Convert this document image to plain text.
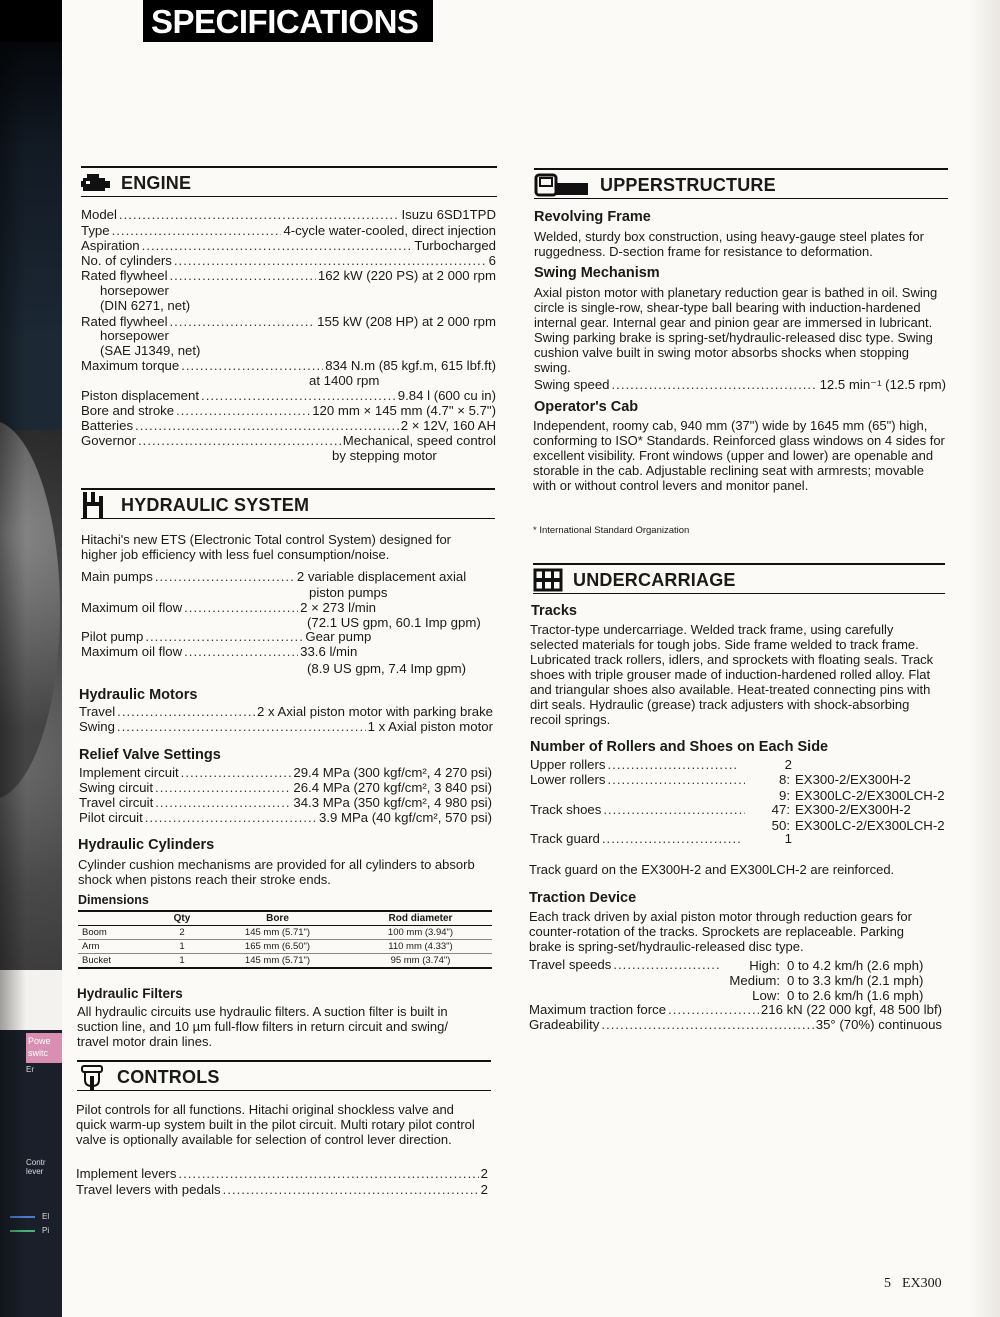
Powe switc
Er
Contr lever
El
Pi
SPECIFICATIONS
ENGINE
Model .....	Isuzu 6SD1TPD
Type .....	4-cycle water-cooled, direct injection
Aspiration .....	Turbocharged
No. of cylinders .....	6
Rated flywheel .....	162 kW (220 PS) at 2 000 rpm
horsepower
(DIN 6271, net)
Rated flywheel .....	155 kW (208 HP) at 2 000 rpm
horsepower
(SAE J1349, net)
Maximum torque .....	834 N.m (85 kgf.m, 615 lbf.ft)
at 1400 rpm
Piston displacement .....	9.84 l (600 cu in)
Bore and stroke .....	120 mm × 145 mm (4.7" × 5.7")
Batteries .....	2 × 12V, 160 AH
Governor .....	Mechanical, speed control
by stepping motor
HYDRAULIC SYSTEM
Hitachi's new ETS (Electronic Total control System) designed for higher job efficiency with less fuel consumption/noise.
Main pumps .....	2 variable displacement axial
piston pumps
Maximum oil flow .....	2 × 273 l/min
(72.1 US gpm, 60.1 Imp gpm)
Pilot pump .....	Gear pump
Maximum oil flow .....	33.6 l/min
(8.9 US gpm, 7.4 Imp gpm)
Hydraulic Motors
Travel .....	2 x Axial piston motor with parking brake
Swing .....	1 x Axial piston motor
Relief Valve Settings
Implement circuit .....	29.4 MPa (300 kgf/cm², 4 270 psi)
Swing circuit .....	26.4 MPa (270 kgf/cm², 3 840 psi)
Travel circuit .....	34.3 MPa (350 kgf/cm², 4 980 psi)
Pilot circuit .....	3.9 MPa (40 kgf/cm², 570 psi)
Hydraulic Cylinders
Cylinder cushion mechanisms are provided for all cylinders to absorb shock when pistons reach their stroke ends.
Dimensions
	Qty	Bore	Rod diameter
Boom	2	145 mm (5.71")	100 mm (3.94")
Arm	1	165 mm (6.50")	110 mm (4.33")
Bucket	1	145 mm (5.71")	95 mm (3.74")
Hydraulic Filters
All hydraulic circuits use hydraulic filters. A suction filter is built in suction line, and 10 µm full-flow filters in return circuit and swing/ travel motor drain lines.
CONTROLS
Pilot controls for all functions. Hitachi original shockless valve and quick warm-up system built in the pilot circuit. Multi rotary pilot control valve is optionally available for selection of control lever direction.
Implement levers .....	2
Travel levers with pedals .....	2
UPPERSTRUCTURE
Revolving Frame
Welded, sturdy box construction, using heavy-gauge steel plates for ruggedness. D-section frame for resistance to deformation.
Swing Mechanism
Axial piston motor with planetary reduction gear is bathed in oil. Swing circle is single-row, shear-type ball bearing with induction-hardened internal gear. Internal gear and pinion gear are immersed in lubricant. Swing parking brake is spring-set/hydraulic-released disc type. Swing cushion valve built in swing motor absorbs shocks when stopping swing.
Swing speed .....	12.5 min⁻¹ (12.5 rpm)
Operator's Cab
Independent, roomy cab, 940 mm (37") wide by 1645 mm (65") high, conforming to ISO* Standards. Reinforced glass windows on 4 sides for excellent visibility. Front windows (upper and lower) are openable and storable in the cab. Adjustable reclining seat with armrests; movable with or without control levers and monitor panel.
* International Standard Organization
UNDERCARRIAGE
Tracks
Tractor-type undercarriage. Welded track frame, using carefully selected materials for tough jobs. Side frame welded to track frame. Lubricated track rollers, idlers, and sprockets with floating seals. Track shoes with triple grouser made of induction-hardened rolled alloy. Flat and triangular shoes also available. Heat-treated connecting pins with dirt seals. Hydraulic (grease) track adjusters with shock-absorbing recoil springs.
Number of Rollers and Shoes on Each Side
Upper rollers .....	2
Lower rollers .....	8: EX300-2/EX300H-2
9: EX300LC-2/EX300LCH-2
Track shoes .....	47: EX300-2/EX300H-2
50: EX300LC-2/EX300LCH-2
Track guard .....	1
Track guard on the EX300H-2 and EX300LCH-2 are reinforced.
Traction Device
Each track driven by axial piston motor through reduction gears for counter-rotation of the tracks. Sprockets are replaceable. Parking brake is spring-set/hydraulic-released disc type.
Travel speeds .....	High: 0 to 4.2 km/h (2.6 mph)
Medium: 0 to 3.3 km/h (2.1 mph)
Low: 0 to 2.6 km/h (1.6 mph)
Maximum traction force .....	216 kN (22 000 kgf, 48 500 lbf)
Gradeability .....	35° (70%) continuous
5 EX300
